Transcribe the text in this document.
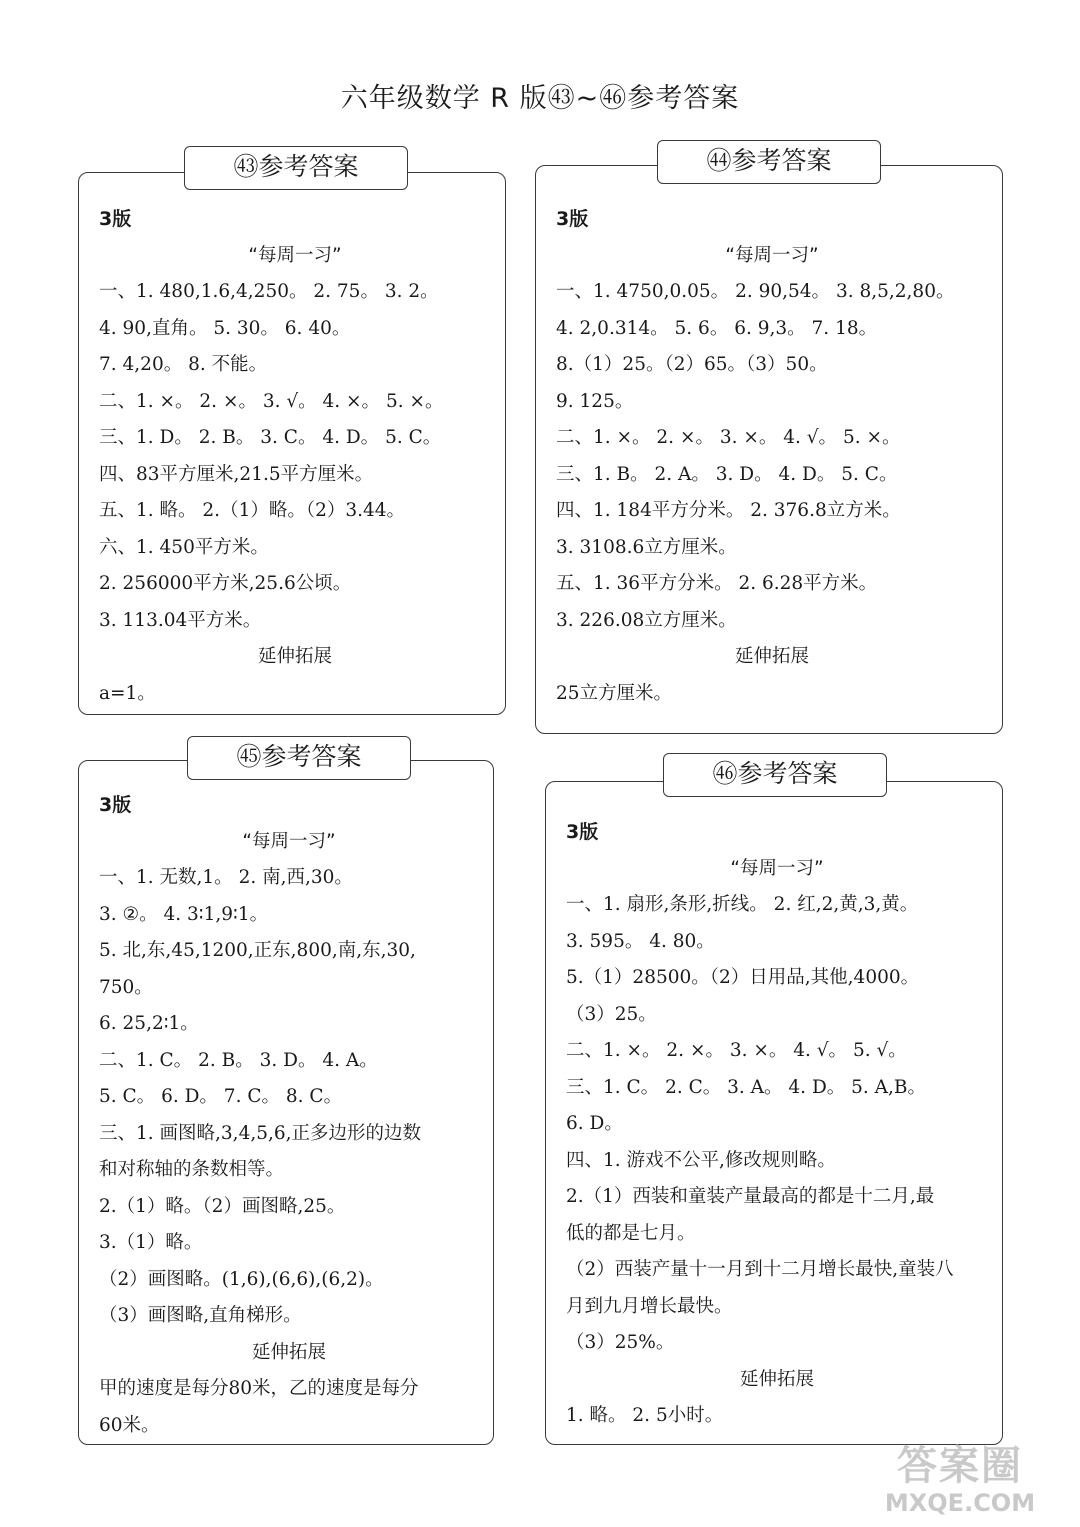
六年级数学 R 版㊸~㊻参考答案
3版
“每周一习”
一、1. 480,1.6,4,250。 2. 75。 3. 2。
4. 90,直角。 5. 30。 6. 40。
7. 4,20。 8. 不能。
二、1. ×。 2. ×。 3. √。 4. ×。 5. ×。
三、1. D。 2. B。 3. C。 4. D。 5. C。
四、83平方厘米,21.5平方厘米。
五、1. 略。 2.（1）略。（2）3.44。
六、1. 450平方米。
2. 256000平方米,25.6公顷。
3. 113.04平方米。
延伸拓展
a=1。
㊸参考答案
3版
“每周一习”
一、1. 4750,0.05。 2. 90,54。 3. 8,5,2,80。
4. 2,0.314。 5. 6。 6. 9,3。 7. 18。
8.（1）25。（2）65。（3）50。
9. 125。
二、1. ×。 2. ×。 3. ×。 4. √。 5. ×。
三、1. B。 2. A。 3. D。 4. D。 5. C。
四、1. 184平方分米。 2. 376.8立方米。
3. 3108.6立方厘米。
五、1. 36平方分米。 2. 6.28平方米。
3. 226.08立方厘米。
延伸拓展
25立方厘米。
㊹参考答案
3版
“每周一习”
一、1. 无数,1。 2. 南,西,30。
3. ②。 4. 3∶1,9∶1。
5. 北,东,45,1200,正东,800,南,东,30,
750。
6. 25,2∶1。
二、1. C。 2. B。 3. D。 4. A。
5. C。 6. D。 7. C。 8. C。
三、1. 画图略,3,4,5,6,正多边形的边数
和对称轴的条数相等。
2.（1）略。（2）画图略,25。
3.（1）略。
（2）画图略。(1,6),(6,6),(6,2)。
（3）画图略,直角梯形。
延伸拓展
甲的速度是每分80米，乙的速度是每分
60米。
㊺参考答案
3版
“每周一习”
一、1. 扇形,条形,折线。 2. 红,2,黄,3,黄。
3. 595。 4. 80。
5.（1）28500。（2）日用品,其他,4000。
（3）25。
二、1. ×。 2. ×。 3. ×。 4. √。 5. √。
三、1. C。 2. C。 3. A。 4. D。 5. A,B。
6. D。
四、1. 游戏不公平,修改规则略。
2.（1）西装和童装产量最高的都是十二月,最
低的都是七月。
（2）西装产量十一月到十二月增长最快,童装八
月到九月增长最快。
（3）25%。
延伸拓展
1. 略。 2. 5小时。
㊻参考答案
答案圈
MXQE.COM
